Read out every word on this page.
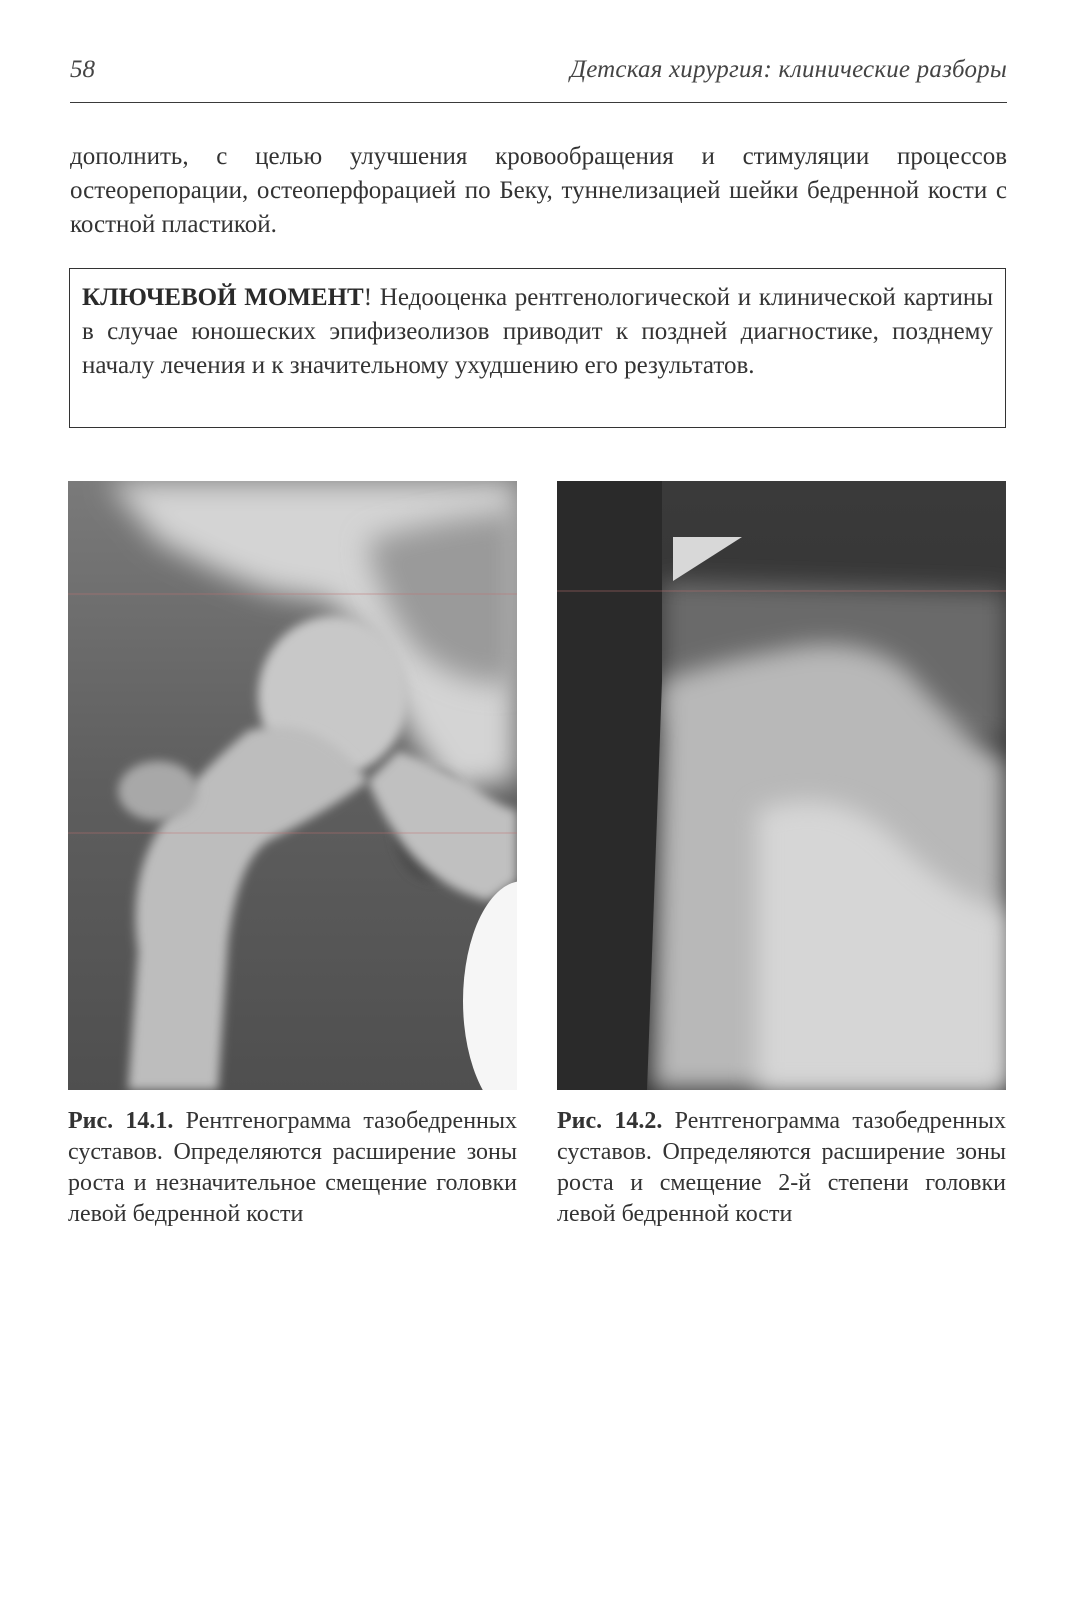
58	Детская хирургия: клинические разборы

дополнить, с целью улучшения кровообращения и стимуляции процессов остеорепорации, остеоперфорацией по Беку, туннелизацией шейки бедренной кости с костной пластикой.

КЛЮЧЕВОЙ МОМЕНТ! Недооценка рентгенологической и клинической картины в случае юношеских эпифизеолизов приводит к поздней диагностике, позднему началу лечения и к значительному ухудшению его результатов.

Рис. 14.1. Рентгенограмма тазобедренных суставов. Определяются расширение зоны роста и незначительное смещение головки левой бедренной кости

Рис. 14.2. Рентгенограмма тазобедренных суставов. Определяются расширение зоны роста и смещение 2-й степени головки левой бедренной кости
